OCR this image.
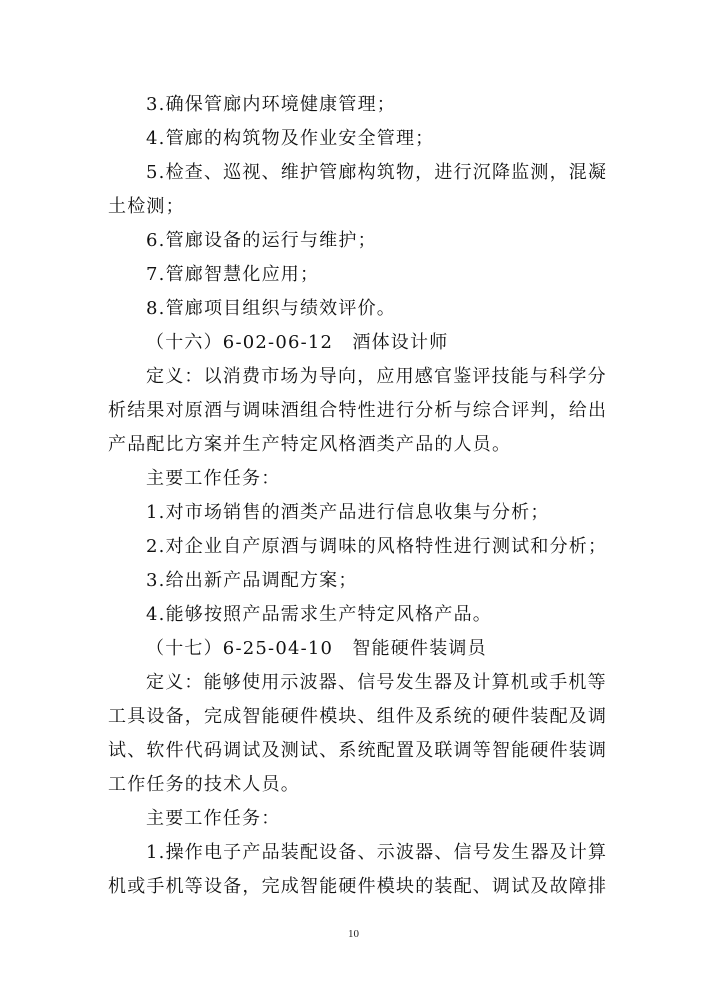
3.确保管廊内环境健康管理；
4.管廊的构筑物及作业安全管理；
5.检查、巡视、维护管廊构筑物，进行沉降监测，混凝
土检测；
6.管廊设备的运行与维护；
7.管廊智慧化应用；
8.管廊项目组织与绩效评价。
（十六）6-02-06-12　酒体设计师
定义：以消费市场为导向，应用感官鉴评技能与科学分
析结果对原酒与调味酒组合特性进行分析与综合评判，给出
产品配比方案并生产特定风格酒类产品的人员。
主要工作任务：
1.对市场销售的酒类产品进行信息收集与分析；
2.对企业自产原酒与调味的风格特性进行测试和分析；
3.给出新产品调配方案；
4.能够按照产品需求生产特定风格产品。
（十七）6-25-04-10　智能硬件装调员
定义：能够使用示波器、信号发生器及计算机或手机等
工具设备，完成智能硬件模块、组件及系统的硬件装配及调
试、软件代码调试及测试、系统配置及联调等智能硬件装调
工作任务的技术人员。
主要工作任务：
1.操作电子产品装配设备、示波器、信号发生器及计算
机或手机等设备，完成智能硬件模块的装配、调试及故障排
10
